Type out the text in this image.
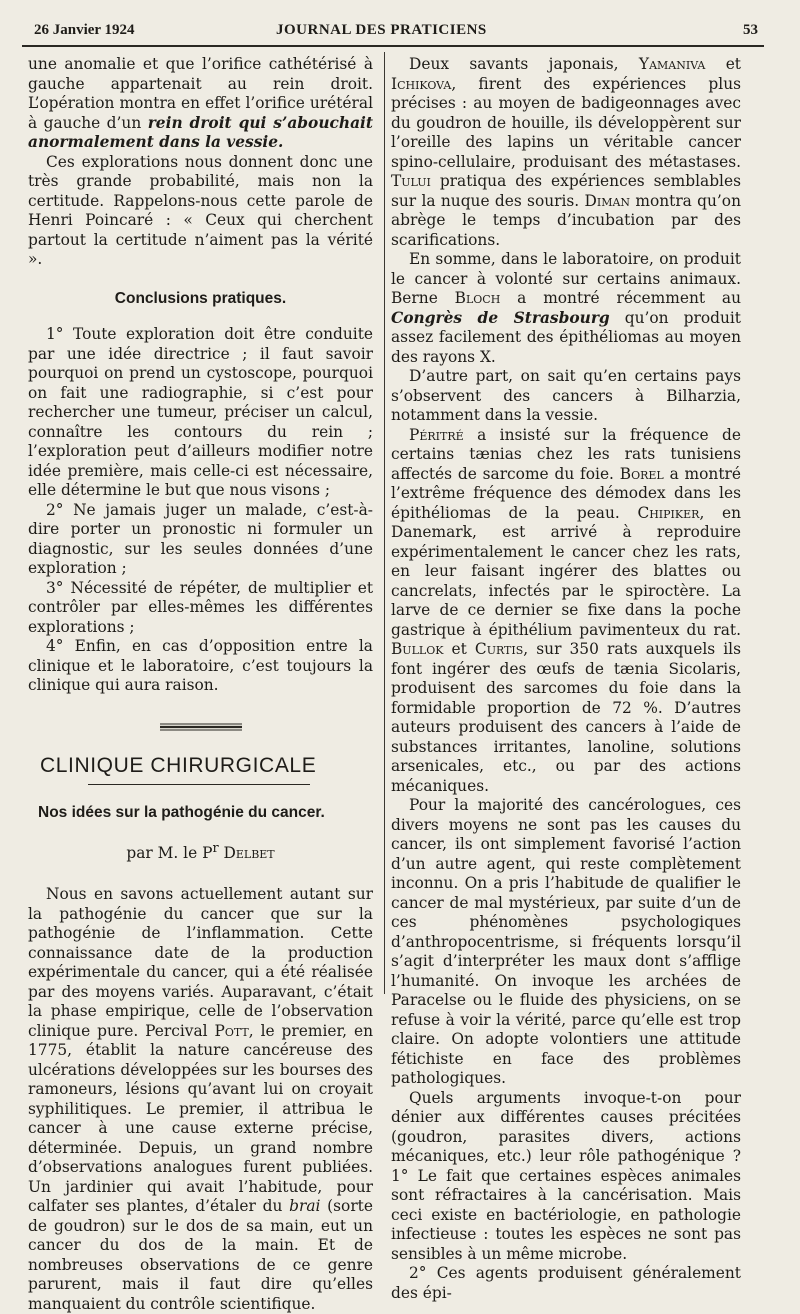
26 Janvier 1924	JOURNAL DES PRATICIENS	53

une anomalie et que l’orifice cathétérisé à gauche appartenait au rein droit. L’opération montra en effet l’orifice urétéral à gauche d’un rein droit qui s’abouchait anormalement dans la vessie.

Ces explorations nous donnent donc une très grande probabilité, mais non la certitude. Rappelons-nous cette parole de Henri Poincaré : « Ceux qui cherchent partout la certitude n’aiment pas la vérité ».

Conclusions pratiques.

1° Toute exploration doit être conduite par une idée directrice ; il faut savoir pourquoi on prend un cystoscope, pourquoi on fait une radiographie, si c’est pour rechercher une tumeur, préciser un calcul, connaître les contours du rein ; l’exploration peut d’ailleurs modifier notre idée première, mais celle-ci est nécessaire, elle détermine le but que nous visons ;

2° Ne jamais juger un malade, c’est-à-dire porter un pronostic ni formuler un diagnostic, sur les seules données d’une exploration ;

3° Nécessité de répéter, de multiplier et contrôler par elles-mêmes les différentes explorations ;

4° Enfin, en cas d’opposition entre la clinique et le laboratoire, c’est toujours la clinique qui aura raison.

CLINIQUE CHIRURGICALE

Nos idées sur la pathogénie du cancer.

par M. le $P^r$ Delbet

Nous en savons actuellement autant sur la pathogénie du cancer que sur la pathogénie de l’inflammation. Cette connaissance date de la production expérimentale du cancer, qui a été réalisée par des moyens variés. Auparavant, c’était la phase empirique, celle de l’observation clinique pure. Percival Pott, le premier, en 1775, établit la nature cancéreuse des ulcérations développées sur les bourses des ramoneurs, lésions qu’avant lui on croyait syphilitiques. Le premier, il attribua le cancer à une cause externe précise, déterminée. Depuis, un grand nombre d’observations analogues furent publiées. Un jardinier qui avait l’habitude, pour calfater ses plantes, d’étaler du brai (sorte de goudron) sur le dos de sa main, eut un cancer du dos de la main. Et de nombreuses observations de ce genre parurent, mais il faut dire qu’elles manquaient du contrôle scientifique.

Deux savants japonais, Yamaniva et Ichikova, firent des expériences plus précises : au moyen de badigeonnages avec du goudron de houille, ils développèrent sur l’oreille des lapins un véritable cancer spino-cellulaire, produisant des métastases. Tului pratiqua des expériences semblables sur la nuque des souris. Diman montra qu’on abrège le temps d’incubation par des scarifications.

En somme, dans le laboratoire, on produit le cancer à volonté sur certains animaux. Berne Bloch a montré récemment au Congrès de Strasbourg qu’on produit assez facilement des épithéliomas au moyen des rayons X.

D’autre part, on sait qu’en certains pays s’observent des cancers à Bilharzia, notamment dans la vessie.

Péritré a insisté sur la fréquence de certains tænias chez les rats tunisiens affectés de sarcome du foie. Borel a montré l’extrême fréquence des démodex dans les épithéliomas de la peau. Chipiker, en Danemark, est arrivé à reproduire expérimentalement le cancer chez les rats, en leur faisant ingérer des blattes ou cancrelats, infectés par le spiroctère. La larve de ce dernier se fixe dans la poche gastrique à épithélium pavimenteux du rat. Bullok et Curtis, sur 350 rats auxquels ils font ingérer des œufs de tænia Sicolaris, produisent des sarcomes du foie dans la formidable proportion de 72 %. D’autres auteurs produisent des cancers à l’aide de substances irritantes, lanoline, solutions arsenicales, etc., ou par des actions mécaniques.

Pour la majorité des cancérologues, ces divers moyens ne sont pas les causes du cancer, ils ont simplement favorisé l’action d’un autre agent, qui reste complètement inconnu. On a pris l’habitude de qualifier le cancer de mal mystérieux, par suite d’un de ces phénomènes psychologiques d’anthropocentrisme, si fréquents lorsqu’il s’agit d’interpréter les maux dont s’afflige l’humanité. On invoque les archées de Paracelse ou le fluide des physiciens, on se refuse à voir la vérité, parce qu’elle est trop claire. On adopte volontiers une attitude fétichiste en face des problèmes pathologiques.

Quels arguments invoque-t-on pour dénier aux différentes causes précitées (goudron, parasites divers, actions mécaniques, etc.) leur rôle pathogénique ? 1° Le fait que certaines espèces animales sont réfractaires à la cancérisation. Mais ceci existe en bactériologie, en pathologie infectieuse : toutes les espèces ne sont pas sensibles à un même microbe.

2° Ces agents produisent généralement des épi-
